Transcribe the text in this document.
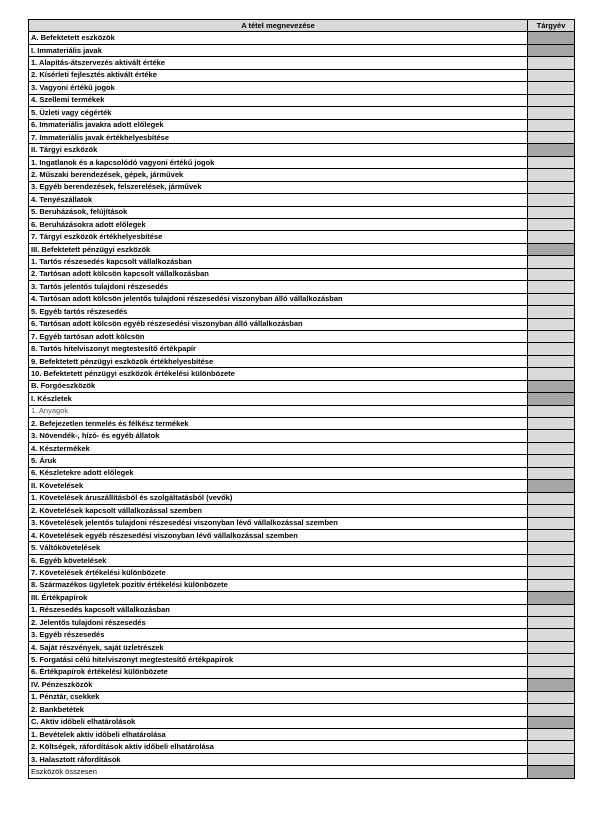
A tétel megnevezése	Tárgyév
A. Befektetett eszközök	
I. Immateriális javak	
1. Alapítás-átszervezés aktivált értéke	
2. Kísérleti fejlesztés aktivált értéke	
3. Vagyoni értékű jogok	
4. Szellemi termékek	
5. Üzleti vagy cégérték	
6. Immateriális javakra adott előlegek	
7. Immateriális javak értékhelyesbítése	
II. Tárgyi eszközök	
1. Ingatlanok és a kapcsolódó vagyoni értékű jogok	
2. Műszaki berendezések, gépek, járművek	
3. Egyéb berendezések, felszerelések, járművek	
4. Tenyészállatok	
5. Beruházások, felújítások	
6. Beruházásokra adott előlegek	
7. Tárgyi eszközök értékhelyesbítése	
III. Befektetett pénzügyi eszközök	
1. Tartós részesedés kapcsolt vállalkozásban	
2. Tartósan adott kölcsön kapcsolt vállalkozásban	
3. Tartós jelentős tulajdoni részesedés	
4. Tartósan adott kölcsön jelentős tulajdoni részesedési viszonyban álló vállalkozásban	
5. Egyéb tartós részesedés	
6. Tartósan adott kölcsön egyéb részesedési viszonyban álló vállalkozásban	
7. Egyéb tartósan adott kölcsön	
8. Tartós hitelviszonyt megtestesítő értékpapír	
9. Befektetett pénzügyi eszközök értékhelyesbítése	
10. Befektetett pénzügyi eszközök értékelési különbözete	
B. Forgóeszközök	
I. Készletek	
1. Anyagok	
2. Befejezetlen termelés és félkész termékek	
3. Növendék-, hízó- és egyéb állatok	
4. Késztermékek	
5. Áruk	
6. Készletekre adott előlegek	
II. Követelések	
1. Követelések áruszállításból és szolgáltatásból (vevők)	
2. Követelések kapcsolt vállalkozással szemben	
3. Követelések jelentős tulajdoni részesedési viszonyban lévő vállalkozással szemben	
4. Követelések egyéb részesedési viszonyban lévő vállalkozással szemben	
5. Váltókövetelések	
6. Egyéb követelések	
7. Követelések értékelési különbözete	
8. Származékos ügyletek pozitív értékelési különbözete	
III. Értékpapírok	
1. Részesedés kapcsolt vállalkozásban	
2. Jelentős tulajdoni részesedés	
3. Egyéb részesedés	
4. Saját részvények, saját üzletrészek	
5. Forgatási célú hitelviszonyt megtestesítő értékpapírok	
6. Értékpapírok értékelési különbözete	
IV. Pénzeszközök	
1. Pénztár, csekkek	
2. Bankbetétek	
C. Aktív időbeli elhatárolások	
1. Bevételek aktív időbeli elhatárolása	
2. Költségek, ráfordítások aktív időbeli elhatárolása	
3. Halasztott ráfordítások	
Eszközök összesen	
